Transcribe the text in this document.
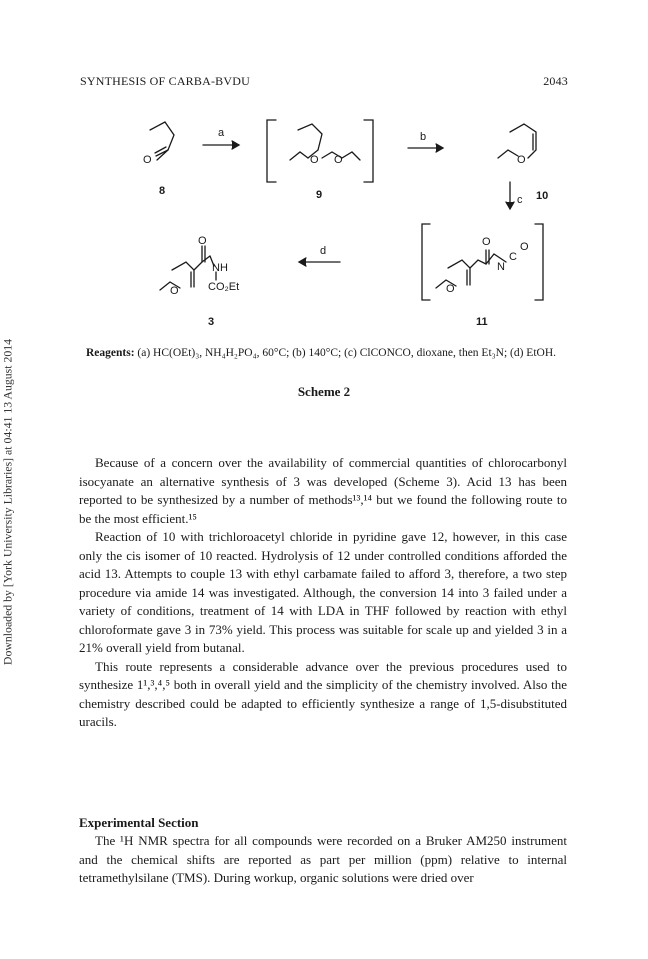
SYNTHESIS OF CARBA-BVDU	2043
Downloaded by [York University Libraries] at 04:41 13 August 2014
O
8
a
O O
9
b
O
10
c
O
N
C
O
O
11
d
O
NH
CO₂Et
O
3
Reagents: (a) HC(OEt)₃, NH₄H₂PO₄, 60°C; (b) 140°C; (c) ClCONCO, dioxane, then Et₃N; (d) EtOH.
Scheme 2

Because of a concern over the availability of commercial quantities of chlorocarbonyl isocyanate an alternative synthesis of 3 was developed (Scheme 3). Acid 13 has been reported to be synthesized by a number of methods¹³,¹⁴ but we found the following route to be the most efficient.¹⁵

Reaction of 10 with trichloroacetyl chloride in pyridine gave 12, however, in this case only the cis isomer of 10 reacted. Hydrolysis of 12 under controlled conditions afforded the acid 13. Attempts to couple 13 with ethyl carbamate failed to afford 3, therefore, a two step procedure via amide 14 was investigated. Although, the conversion 14 into 3 failed under a variety of conditions, treatment of 14 with LDA in THF followed by reaction with ethyl chloroformate gave 3 in 73% yield. This process was suitable for scale up and yielded 3 in a 21% overall yield from butanal.

This route represents a considerable advance over the previous procedures used to synthesize 1¹,³,⁴,⁵ both in overall yield and the simplicity of the chemistry involved. Also the chemistry described could be adapted to efficiently synthesize a range of 1,5-disubstituted uracils.

Experimental Section

The ¹H NMR spectra for all compounds were recorded on a Bruker AM250 instrument and the chemical shifts are reported as part per million (ppm) relative to internal tetramethylsilane (TMS). During workup, organic solutions were dried over
